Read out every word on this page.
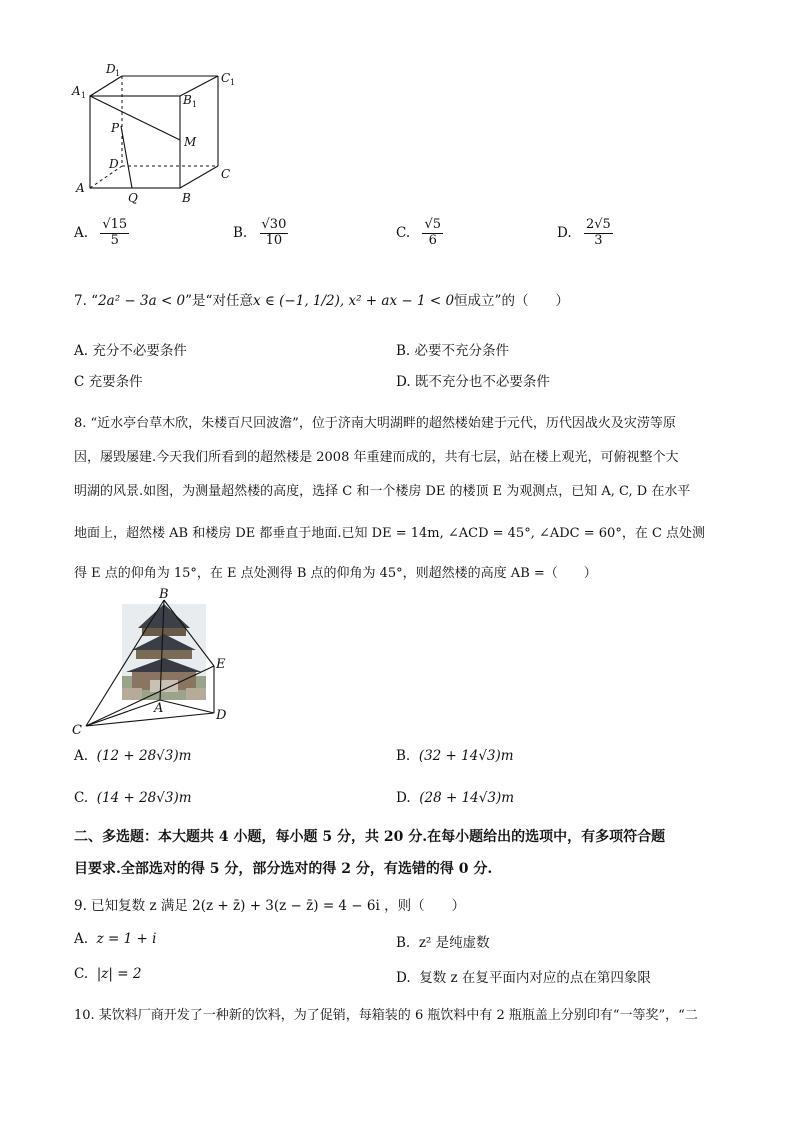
D 1	C 1
A 1	B 1
P
M
D
C
A
Q	B
A. $\frac{√15}{5}$	B. $\frac{√30}{10}$	C. $\frac{√5}{6}$	D. $\frac{2√5}{3}$
7. “2a² − 3a < 0”是“对任意x ∈ (−1, 1/2), x² + ax − 1 < 0恒成立”的（　　）
A. 充分不必要条件	B. 必要不充分条件
C 充要条件	D. 既不充分也不必要条件
8. “近水亭台草木欣，朱楼百尺回波澹”，位于济南大明湖畔的超然楼始建于元代，历代因战火及灾涝等原
因，屡毁屡建.今天我们所看到的超然楼是 2008 年重建而成的，共有七层，站在楼上观光，可俯视整个大
明湖的风景.如图，为测量超然楼的高度，选择 C 和一个楼房 DE 的楼顶 E 为观测点，已知 A, C, D 在水平
地面上，超然楼 AB 和楼房 DE 都垂直于地面.已知 DE = 14m, ∠ACD = 45°, ∠ADC = 60°，在 C 点处测
得 E 点的仰角为 15°，在 E 点处测得 B 点的仰角为 45°，则超然楼的高度 AB =（　　）
B
E
A	D
C
A. (12 + 28√3)m	B. (32 + 14√3)m
C. (14 + 28√3)m	D. (28 + 14√3)m
二、多选题：本大题共 4 小题，每小题 5 分，共 20 分.在每小题给出的选项中，有多项符合题
目要求.全部选对的得 5 分，部分选对的得 2 分，有选错的得 0 分.
9. 已知复数 z 满足 2(z + z̄) + 3(z − z̄) = 4 − 6i ，则（　　）
A. z = 1 + i	B. z² 是纯虚数
C. |z| = 2	D. 复数 z 在复平面内对应的点在第四象限
10. 某饮料厂商开发了一种新的饮料，为了促销，每箱装的 6 瓶饮料中有 2 瓶瓶盖上分别印有“一等奖”，“二
